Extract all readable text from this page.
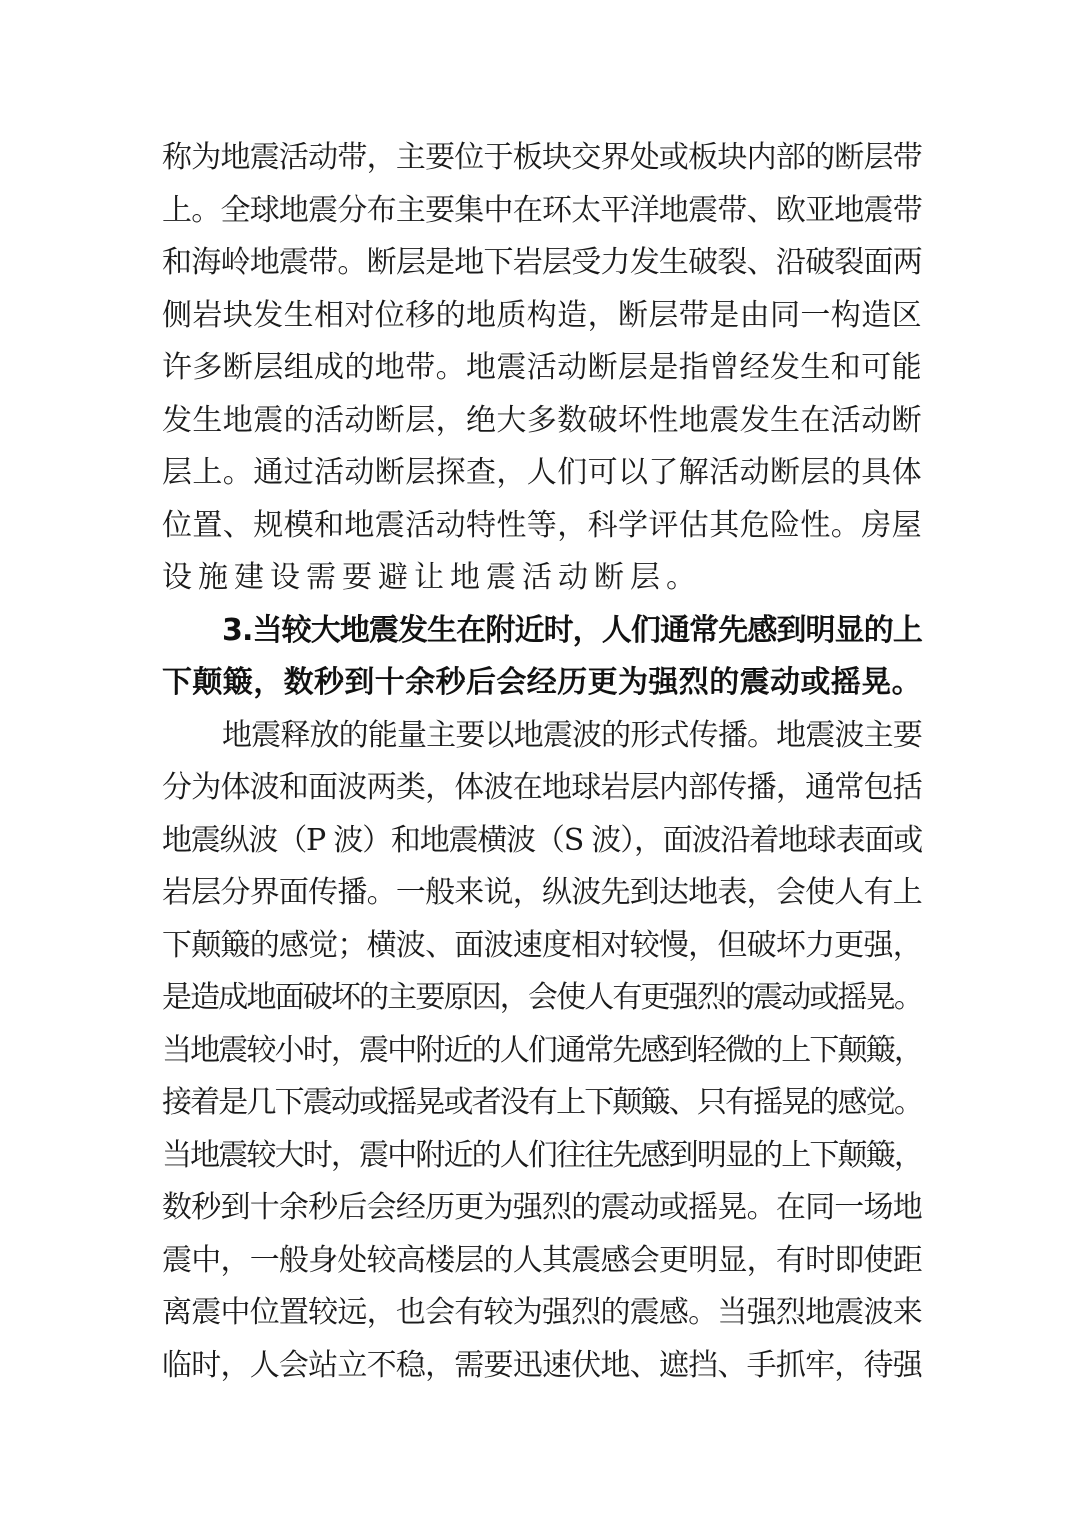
称为地震活动带，主要位于板块交界处或板块内部的断层带
上。全球地震分布主要集中在环太平洋地震带、欧亚地震带
和海岭地震带。断层是地下岩层受力发生破裂、沿破裂面两
侧岩块发生相对位移的地质构造，断层带是由同一构造区
许多断层组成的地带。地震活动断层是指曾经发生和可能
发生地震的活动断层，绝大多数破坏性地震发生在活动断
层上。通过活动断层探查，人们可以了解活动断层的具体
位置、规模和地震活动特性等，科学评估其危险性。房屋
设施建设需要避让地震活动断层。
3.当较大地震发生在附近时，人们通常先感到明显的上
下颠簸，数秒到十余秒后会经历更为强烈的震动或摇晃。
地震释放的能量主要以地震波的形式传播。地震波主要
分为体波和面波两类，体波在地球岩层内部传播，通常包括
地震纵波（P 波）和地震横波（S 波），面波沿着地球表面或
岩层分界面传播。一般来说，纵波先到达地表，会使人有上
下颠簸的感觉；横波、面波速度相对较慢，但破坏力更强，
是造成地面破坏的主要原因，会使人有更强烈的震动或摇晃。
当地震较小时，震中附近的人们通常先感到轻微的上下颠簸，
接着是几下震动或摇晃或者没有上下颠簸、只有摇晃的感觉。
当地震较大时，震中附近的人们往往先感到明显的上下颠簸，
数秒到十余秒后会经历更为强烈的震动或摇晃。在同一场地
震中，一般身处较高楼层的人其震感会更明显，有时即使距
离震中位置较远，也会有较为强烈的震感。当强烈地震波来
临时，人会站立不稳，需要迅速伏地、遮挡、手抓牢，待强
